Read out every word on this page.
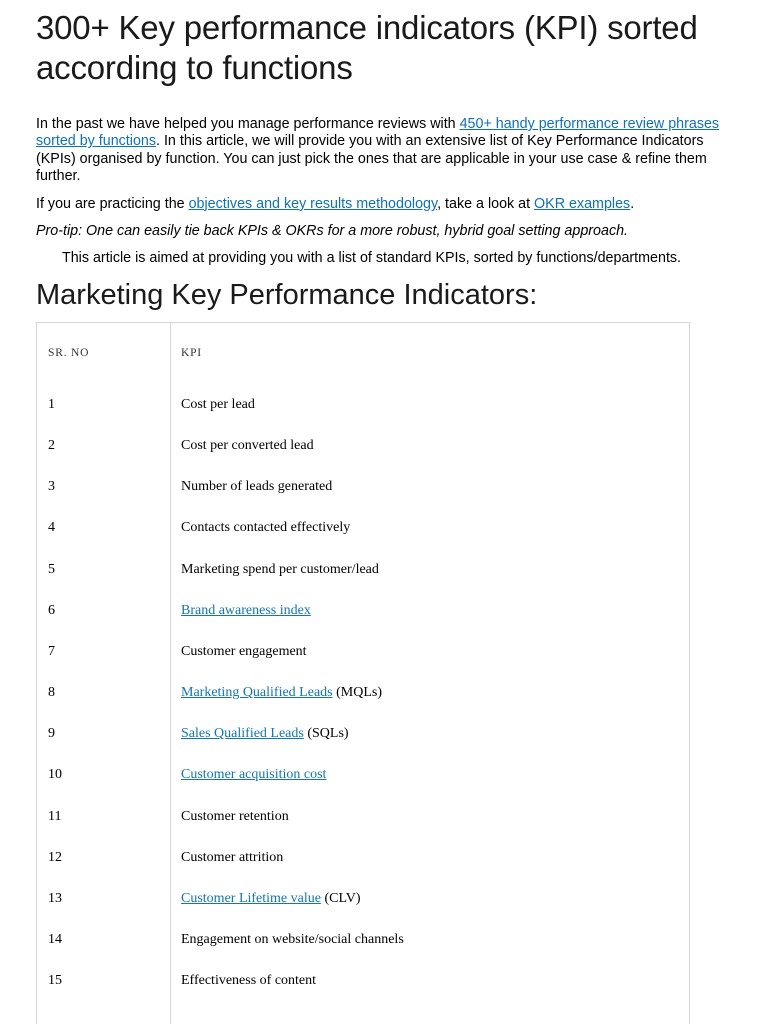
300+ Key performance indicators (KPI) sorted according to functions

In the past we have helped you manage performance reviews with 450+ handy performance review phrases sorted by functions. In this article, we will provide you with an extensive list of Key Performance Indicators (KPIs) organised by function. You can just pick the ones that are applicable in your use case & refine them further.

If you are practicing the objectives and key results methodology, take a look at OKR examples.

Pro-tip: One can easily tie back KPIs & OKRs for a more robust, hybrid goal setting approach.

This article is aimed at providing you with a list of standard KPIs, sorted by functions/departments.

Marketing Key Performance Indicators:
SR. NO	KPI
1	Cost per lead
2	Cost per converted lead
3	Number of leads generated
4	Contacts contacted effectively
5	Marketing spend per customer/lead
6	Brand awareness index
7	Customer engagement
8	Marketing Qualified Leads (MQLs)
9	Sales Qualified Leads (SQLs)
10	Customer acquisition cost
11	Customer retention
12	Customer attrition
13	Customer Lifetime value (CLV)
14	Engagement on website/social channels
15	Effectiveness of content
